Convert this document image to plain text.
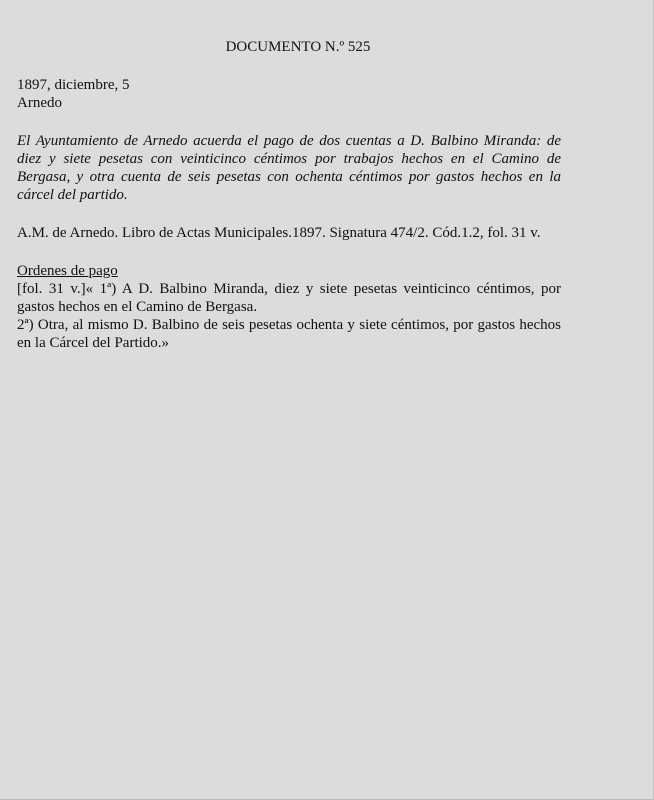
DOCUMENTO N.º 525

1897, diciembre, 5

Arnedo

El Ayuntamiento de Arnedo acuerda el pago de dos cuentas a D. Balbino Miranda: de diez y siete pesetas con veinticinco céntimos por trabajos hechos en el Camino de Bergasa, y otra cuenta de seis pesetas con ochenta céntimos por gastos hechos en la cárcel del partido.

A.M. de Arnedo. Libro de Actas Municipales.1897. Signatura 474/2. Cód.1.2, fol. 31 v.

Ordenes de pago

[fol. 31 v.]« 1ª) A D. Balbino Miranda, diez y siete pesetas veinticinco céntimos, por gastos hechos en el Camino de Bergasa.

2ª) Otra, al mismo D. Balbino de seis pesetas ochenta y siete céntimos, por gastos hechos en la Cárcel del Partido.»
